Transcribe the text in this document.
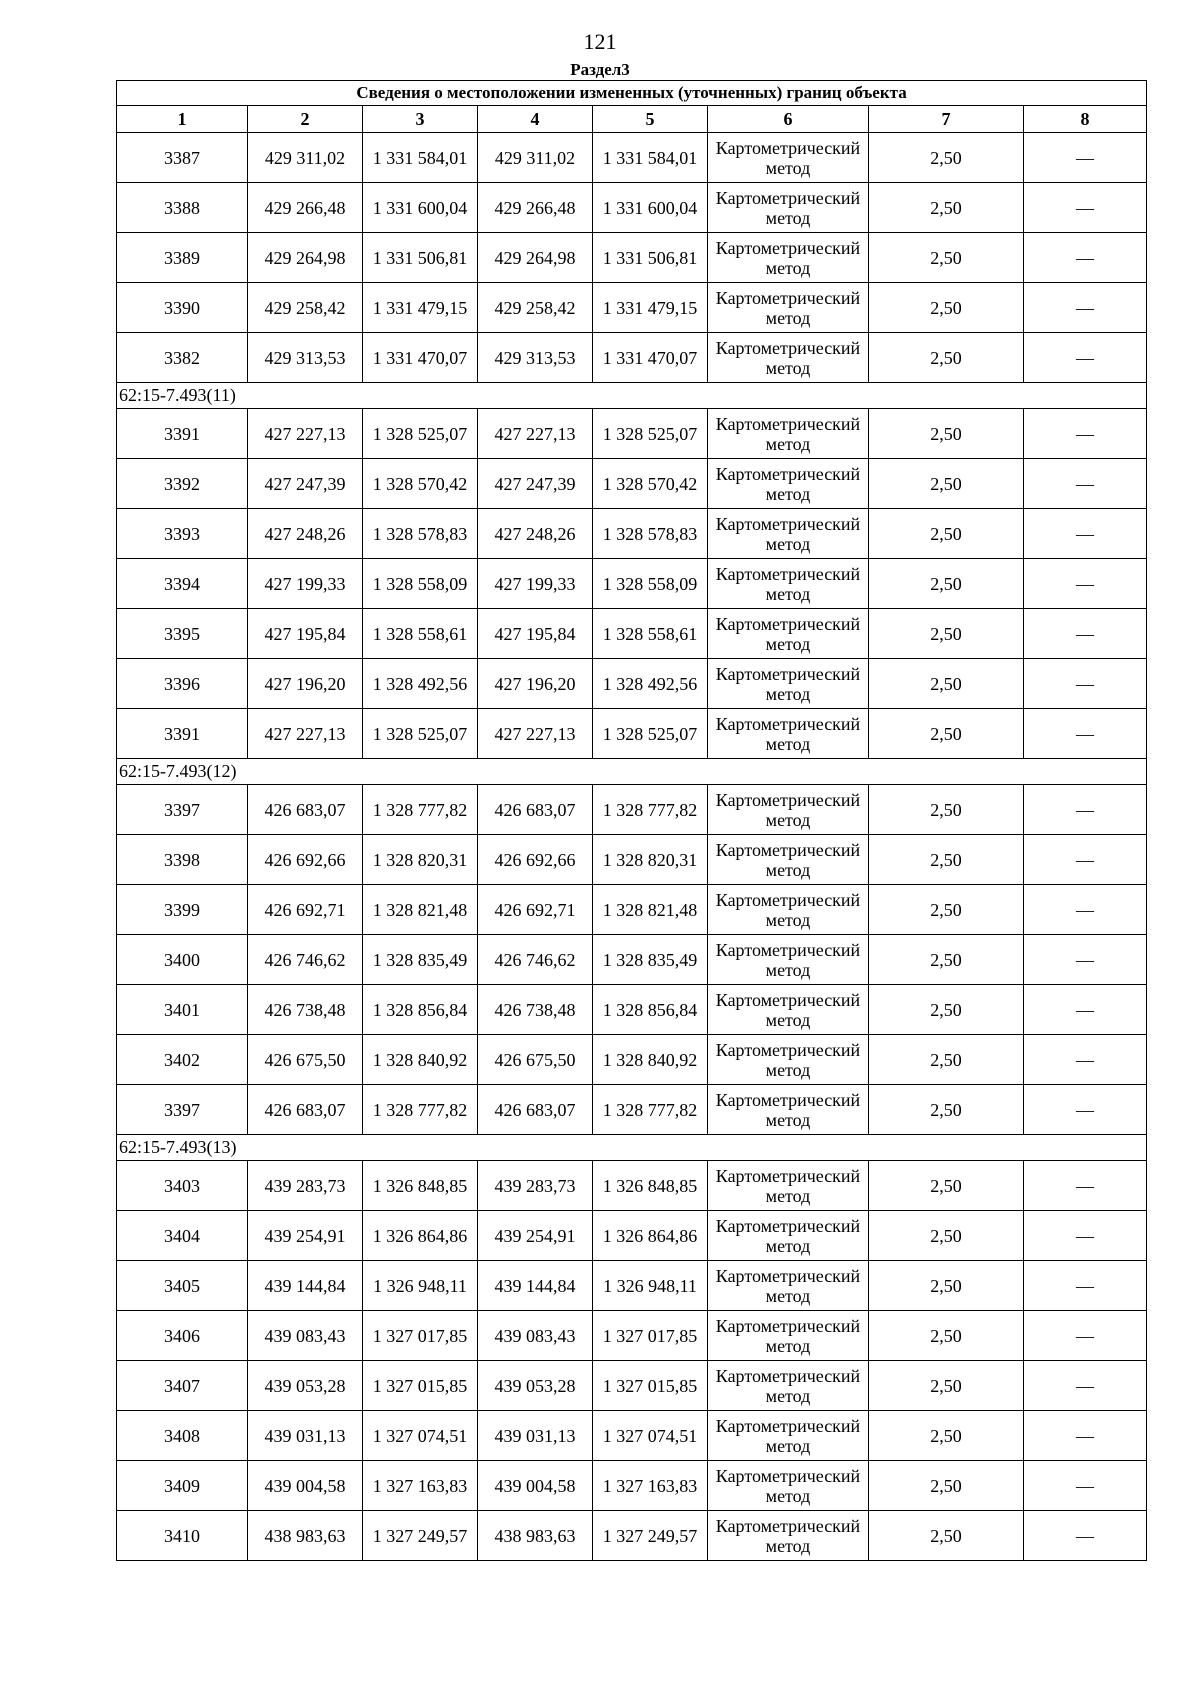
121
Раздел3
Сведения о местоположении измененных (уточненных) границ объекта							
1	2	3	4	5	6	7	8
3387	429 311,02	1 331 584,01	429 311,02	1 331 584,01	Картометрический метод	2,50	—
3388	429 266,48	1 331 600,04	429 266,48	1 331 600,04	Картометрический метод	2,50	—
3389	429 264,98	1 331 506,81	429 264,98	1 331 506,81	Картометрический метод	2,50	—
3390	429 258,42	1 331 479,15	429 258,42	1 331 479,15	Картометрический метод	2,50	—
3382	429 313,53	1 331 470,07	429 313,53	1 331 470,07	Картометрический метод	2,50	—
62:15-7.493(11)							
3391	427 227,13	1 328 525,07	427 227,13	1 328 525,07	Картометрический метод	2,50	—
3392	427 247,39	1 328 570,42	427 247,39	1 328 570,42	Картометрический метод	2,50	—
3393	427 248,26	1 328 578,83	427 248,26	1 328 578,83	Картометрический метод	2,50	—
3394	427 199,33	1 328 558,09	427 199,33	1 328 558,09	Картометрический метод	2,50	—
3395	427 195,84	1 328 558,61	427 195,84	1 328 558,61	Картометрический метод	2,50	—
3396	427 196,20	1 328 492,56	427 196,20	1 328 492,56	Картометрический метод	2,50	—
3391	427 227,13	1 328 525,07	427 227,13	1 328 525,07	Картометрический метод	2,50	—
62:15-7.493(12)							
3397	426 683,07	1 328 777,82	426 683,07	1 328 777,82	Картометрический метод	2,50	—
3398	426 692,66	1 328 820,31	426 692,66	1 328 820,31	Картометрический метод	2,50	—
3399	426 692,71	1 328 821,48	426 692,71	1 328 821,48	Картометрический метод	2,50	—
3400	426 746,62	1 328 835,49	426 746,62	1 328 835,49	Картометрический метод	2,50	—
3401	426 738,48	1 328 856,84	426 738,48	1 328 856,84	Картометрический метод	2,50	—
3402	426 675,50	1 328 840,92	426 675,50	1 328 840,92	Картометрический метод	2,50	—
3397	426 683,07	1 328 777,82	426 683,07	1 328 777,82	Картометрический метод	2,50	—
62:15-7.493(13)							
3403	439 283,73	1 326 848,85	439 283,73	1 326 848,85	Картометрический метод	2,50	—
3404	439 254,91	1 326 864,86	439 254,91	1 326 864,86	Картометрический метод	2,50	—
3405	439 144,84	1 326 948,11	439 144,84	1 326 948,11	Картометрический метод	2,50	—
3406	439 083,43	1 327 017,85	439 083,43	1 327 017,85	Картометрический метод	2,50	—
3407	439 053,28	1 327 015,85	439 053,28	1 327 015,85	Картометрический метод	2,50	—
3408	439 031,13	1 327 074,51	439 031,13	1 327 074,51	Картометрический метод	2,50	—
3409	439 004,58	1 327 163,83	439 004,58	1 327 163,83	Картометрический метод	2,50	—
3410	438 983,63	1 327 249,57	438 983,63	1 327 249,57	Картометрический метод	2,50	—
